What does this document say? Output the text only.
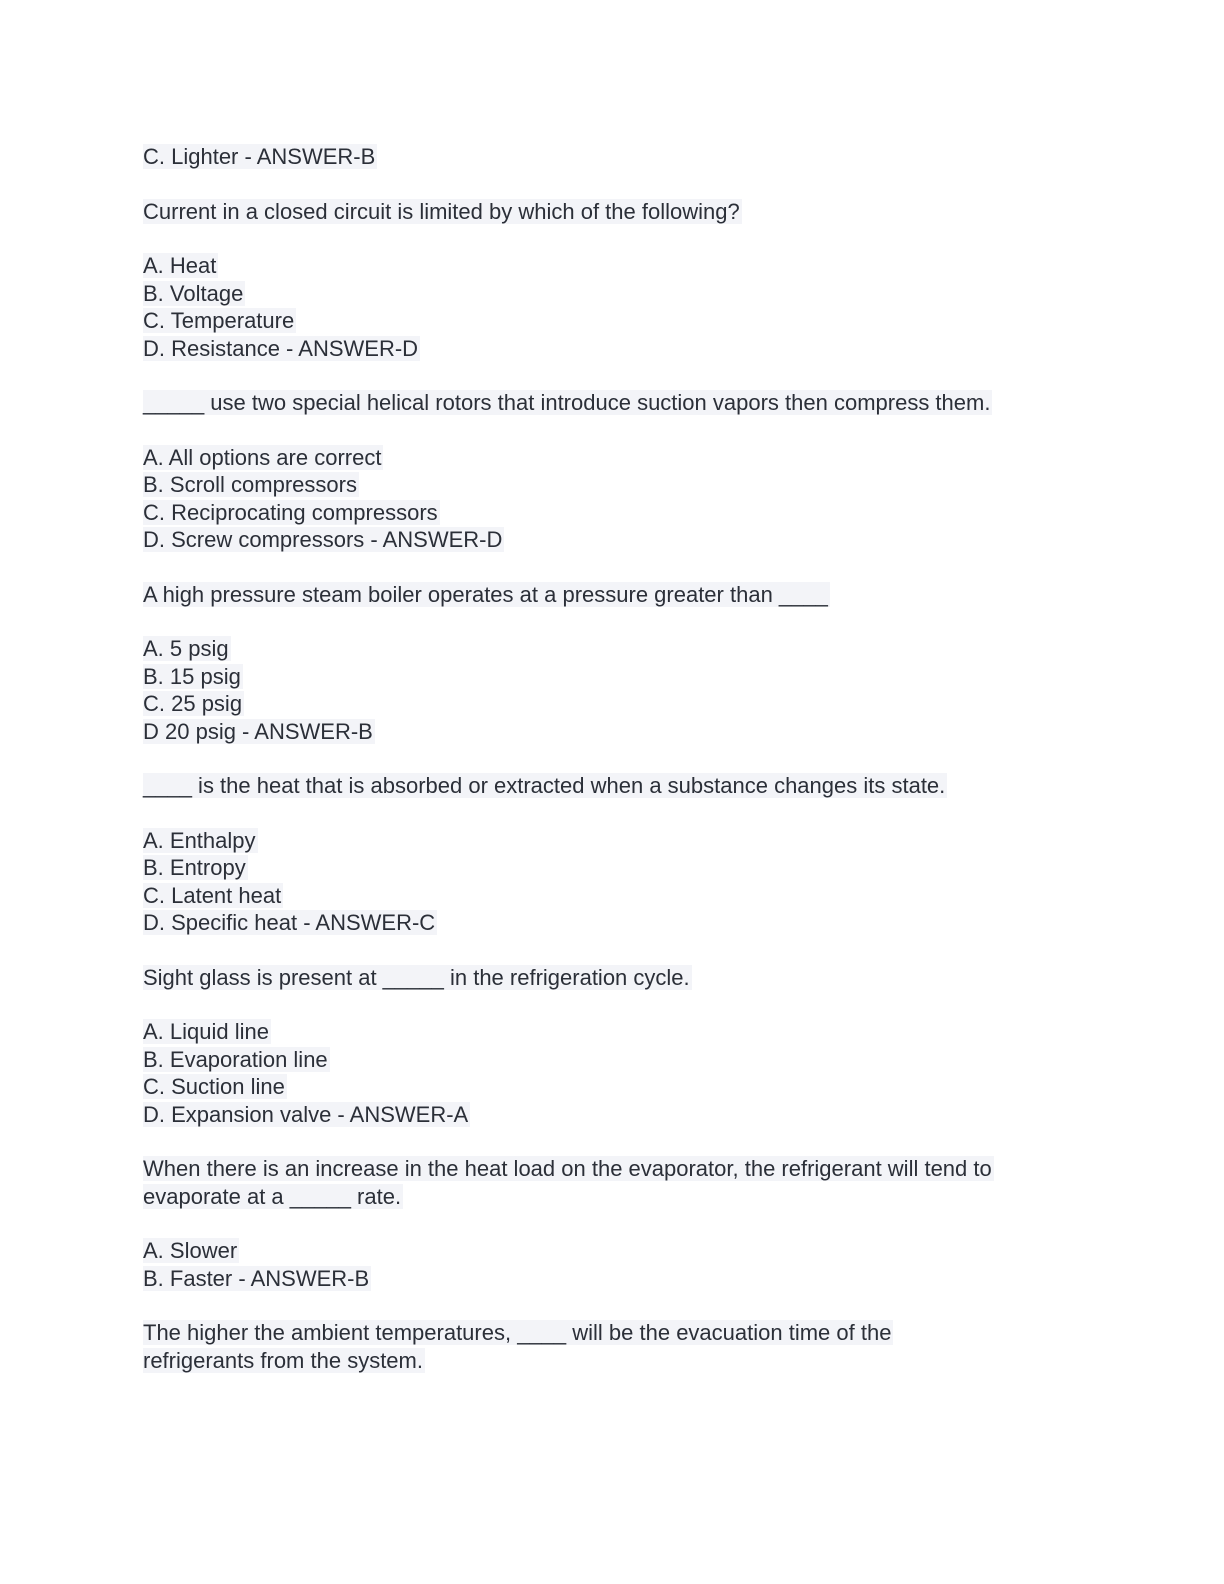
C. Lighter - ANSWER-B
Current in a closed circuit is limited by which of the following?
A. Heat
B. Voltage
C. Temperature
D. Resistance - ANSWER-D
_____ use two special helical rotors that introduce suction vapors then compress them.
A. All options are correct
B. Scroll compressors
C. Reciprocating compressors
D. Screw compressors - ANSWER-D
A high pressure steam boiler operates at a pressure greater than ____
A. 5 psig
B. 15 psig
C. 25 psig
D 20 psig - ANSWER-B
____ is the heat that is absorbed or extracted when a substance changes its state.
A. Enthalpy
B. Entropy
C. Latent heat
D. Specific heat - ANSWER-C
Sight glass is present at _____ in the refrigeration cycle.
A. Liquid line
B. Evaporation line
C. Suction line
D. Expansion valve - ANSWER-A
When there is an increase in the heat load on the evaporator, the refrigerant will tend to
evaporate at a _____ rate.
A. Slower
B. Faster - ANSWER-B
The higher the ambient temperatures, ____ will be the evacuation time of the
refrigerants from the system.
